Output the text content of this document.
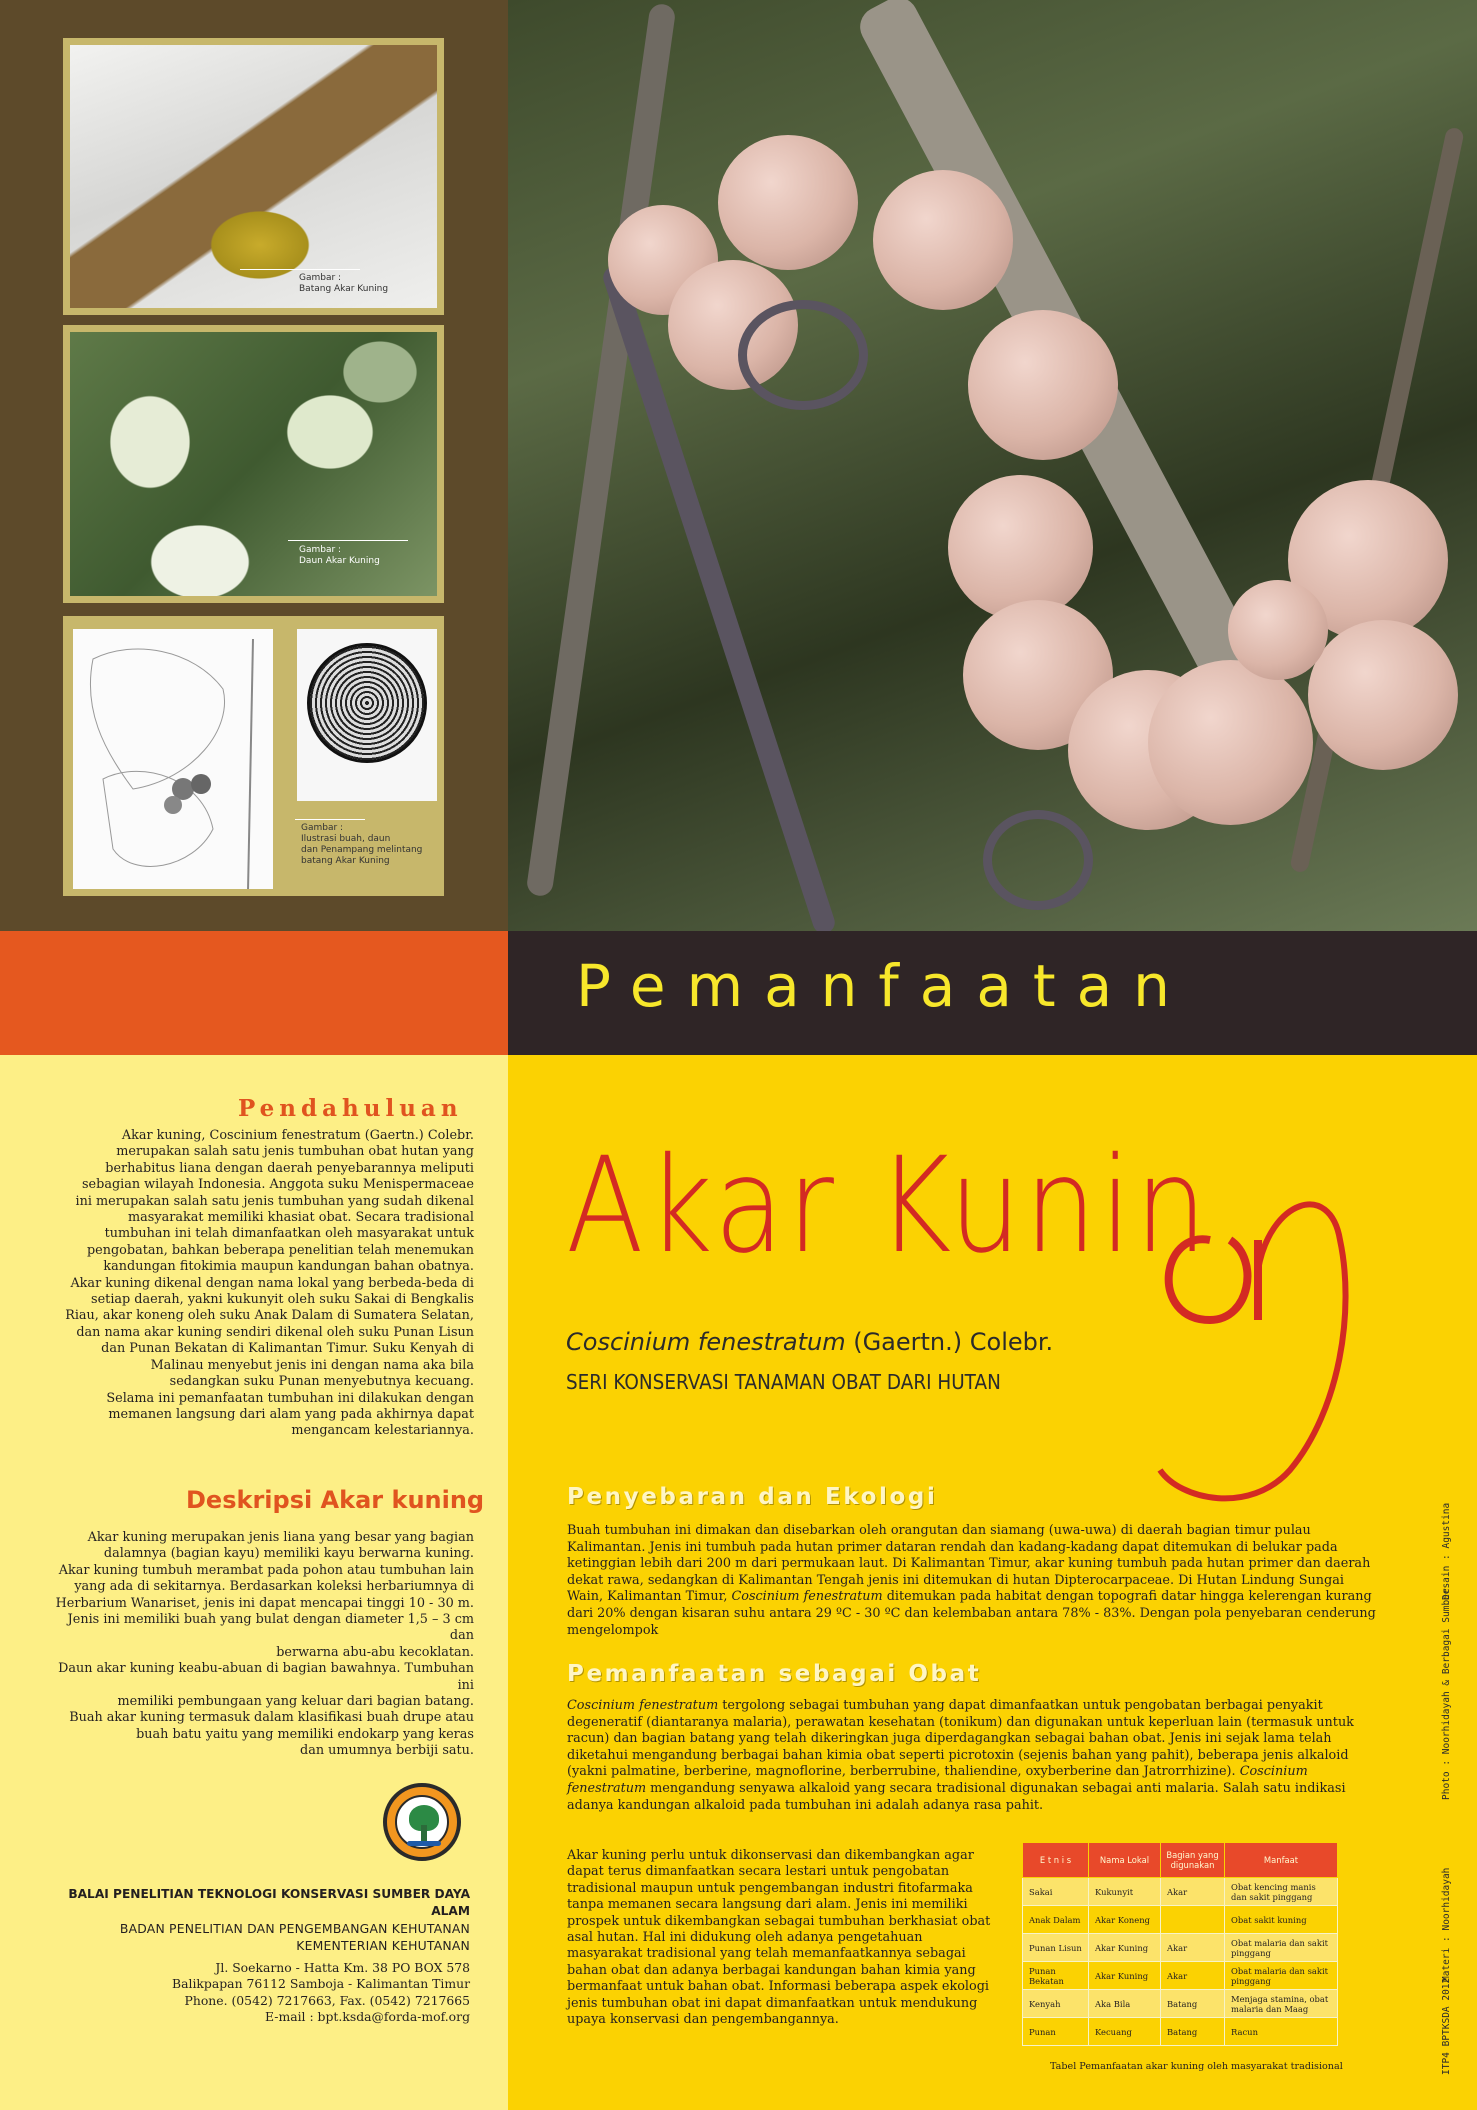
Gambar :
Batang Akar Kuning
Gambar :
Daun Akar Kuning
Gambar :
Ilustrasi buah, daun
dan Penampang melintang
batang Akar Kuning
Pemanfaatan
Pendahuluan
Akar kuning, Coscinium fenestratum (Gaertn.) Colebr.
merupakan salah satu jenis tumbuhan obat hutan yang
berhabitus liana dengan daerah penyebarannya meliputi
sebagian wilayah Indonesia. Anggota suku Menispermaceae
ini merupakan salah satu jenis tumbuhan yang sudah dikenal
masyarakat memiliki khasiat obat. Secara tradisional
tumbuhan ini telah dimanfaatkan oleh masyarakat untuk
pengobatan, bahkan beberapa penelitian telah menemukan
kandungan fitokimia maupun kandungan bahan obatnya.
Akar kuning dikenal dengan nama lokal yang berbeda-beda di
setiap daerah, yakni kukunyit oleh suku Sakai di Bengkalis
Riau, akar koneng oleh suku Anak Dalam di Sumatera Selatan,
dan nama akar kuning sendiri dikenal oleh suku Punan Lisun
dan Punan Bekatan di Kalimantan Timur. Suku Kenyah di
Malinau menyebut jenis ini dengan nama aka bila
sedangkan suku Punan menyebutnya kecuang.
Selama ini pemanfaatan tumbuhan ini dilakukan dengan
memanen langsung dari alam yang pada akhirnya dapat
mengancam kelestariannya.
Deskripsi Akar kuning
Akar kuning merupakan jenis liana yang besar yang bagian
dalamnya (bagian kayu) memiliki kayu berwarna kuning.
Akar kuning tumbuh merambat pada pohon atau tumbuhan lain
yang ada di sekitarnya. Berdasarkan koleksi herbariumnya di
Herbarium Wanariset, jenis ini dapat mencapai tinggi 10 - 30 m.
Jenis ini memiliki buah yang bulat dengan diameter 1,5 – 3 cm dan
berwarna abu-abu kecoklatan.
Daun akar kuning keabu-abuan di bagian bawahnya. Tumbuhan ini
memiliki pembungaan yang keluar dari bagian batang.
Buah akar kuning termasuk dalam klasifikasi buah drupe atau
buah batu yaitu yang memiliki endokarp yang keras
dan umumnya berbiji satu.
BALAI PENELITIAN TEKNOLOGI KONSERVASI SUMBER DAYA ALAM
BADAN PENELITIAN DAN PENGEMBANGAN KEHUTANAN
KEMENTERIAN KEHUTANAN
Jl. Soekarno - Hatta Km. 38 PO BOX 578
Balikpapan 76112 Samboja - Kalimantan Timur
Phone. (0542) 7217663, Fax. (0542) 7217665
E-mail : bpt.ksda@forda-mof.org
Akar Kunin
Coscinium fenestratum (Gaertn.) Colebr.
SERI KONSERVASI TANAMAN OBAT DARI HUTAN
Penyebaran dan Ekologi
Buah tumbuhan ini dimakan dan disebarkan oleh orangutan dan siamang (uwa-uwa) di daerah bagian timur pulau Kalimantan. Jenis ini tumbuh pada hutan primer dataran rendah dan kadang-kadang dapat ditemukan di belukar pada ketinggian lebih dari 200 m dari permukaan laut. Di Kalimantan Timur, akar kuning tumbuh pada hutan primer dan daerah dekat rawa, sedangkan di Kalimantan Tengah jenis ini ditemukan di hutan Dipterocarpaceae. Di Hutan Lindung Sungai Wain, Kalimantan Timur, Coscinium fenestratum ditemukan pada habitat dengan topografi datar hingga kelerengan kurang dari 20% dengan kisaran suhu antara 29 ºC - 30 ºC dan kelembaban antara 78% - 83%. Dengan pola penyebaran cenderung mengelompok
Pemanfaatan sebagai Obat
Coscinium fenestratum tergolong sebagai tumbuhan yang dapat dimanfaatkan untuk pengobatan berbagai penyakit degeneratif (diantaranya malaria), perawatan kesehatan (tonikum) dan digunakan untuk keperluan lain (termasuk untuk racun) dan bagian batang yang telah dikeringkan juga diperdagangkan sebagai bahan obat. Jenis ini sejak lama telah diketahui mengandung berbagai bahan kimia obat seperti picrotoxin (sejenis bahan yang pahit), beberapa jenis alkaloid (yakni palmatine, berberine, magnoflorine, berberrubine, thaliendine, oxyberberine dan Jatrorrhizine). Coscinium fenestratum mengandung senyawa alkaloid yang secara tradisional digunakan sebagai anti malaria. Salah satu indikasi adanya kandungan alkaloid pada tumbuhan ini adalah adanya rasa pahit.
Akar kuning perlu untuk dikonservasi dan dikembangkan agar dapat terus dimanfaatkan secara lestari untuk pengobatan tradisional maupun untuk pengembangan industri fitofarmaka tanpa memanen secara langsung dari alam. Jenis ini memiliki prospek untuk dikembangkan sebagai tumbuhan berkhasiat obat asal hutan. Hal ini didukung oleh adanya pengetahuan masyarakat tradisional yang telah memanfaatkannya sebagai bahan obat dan adanya berbagai kandungan bahan kimia yang bermanfaat untuk bahan obat. Informasi beberapa aspek ekologi jenis tumbuhan obat ini dapat dimanfaatkan untuk mendukung upaya konservasi dan pengembangannya.
E t n i s	Nama Lokal	Bagian yang digunakan	Manfaat
Sakai	Kukunyit	Akar	Obat kencing manis dan sakit pinggang
Anak Dalam	Akar Koneng		Obat sakit kuning
Punan Lisun	Akar Kuning	Akar	Obat malaria dan sakit pinggang
Punan Bekatan	Akar Kuning	Akar	Obat malaria dan sakit pinggang
Kenyah	Aka Bila	Batang	Menjaga stamina, obat malaria dan Maag
Punan	Kecuang	Batang	Racun
Tabel Pemanfaatan akar kuning oleh masyarakat tradisional
Desain : Agustina
Photo : Noorhidayah & Berbagai Sumber
Materi : Noorhidayah
ITP4 BPTKSDA 2012
